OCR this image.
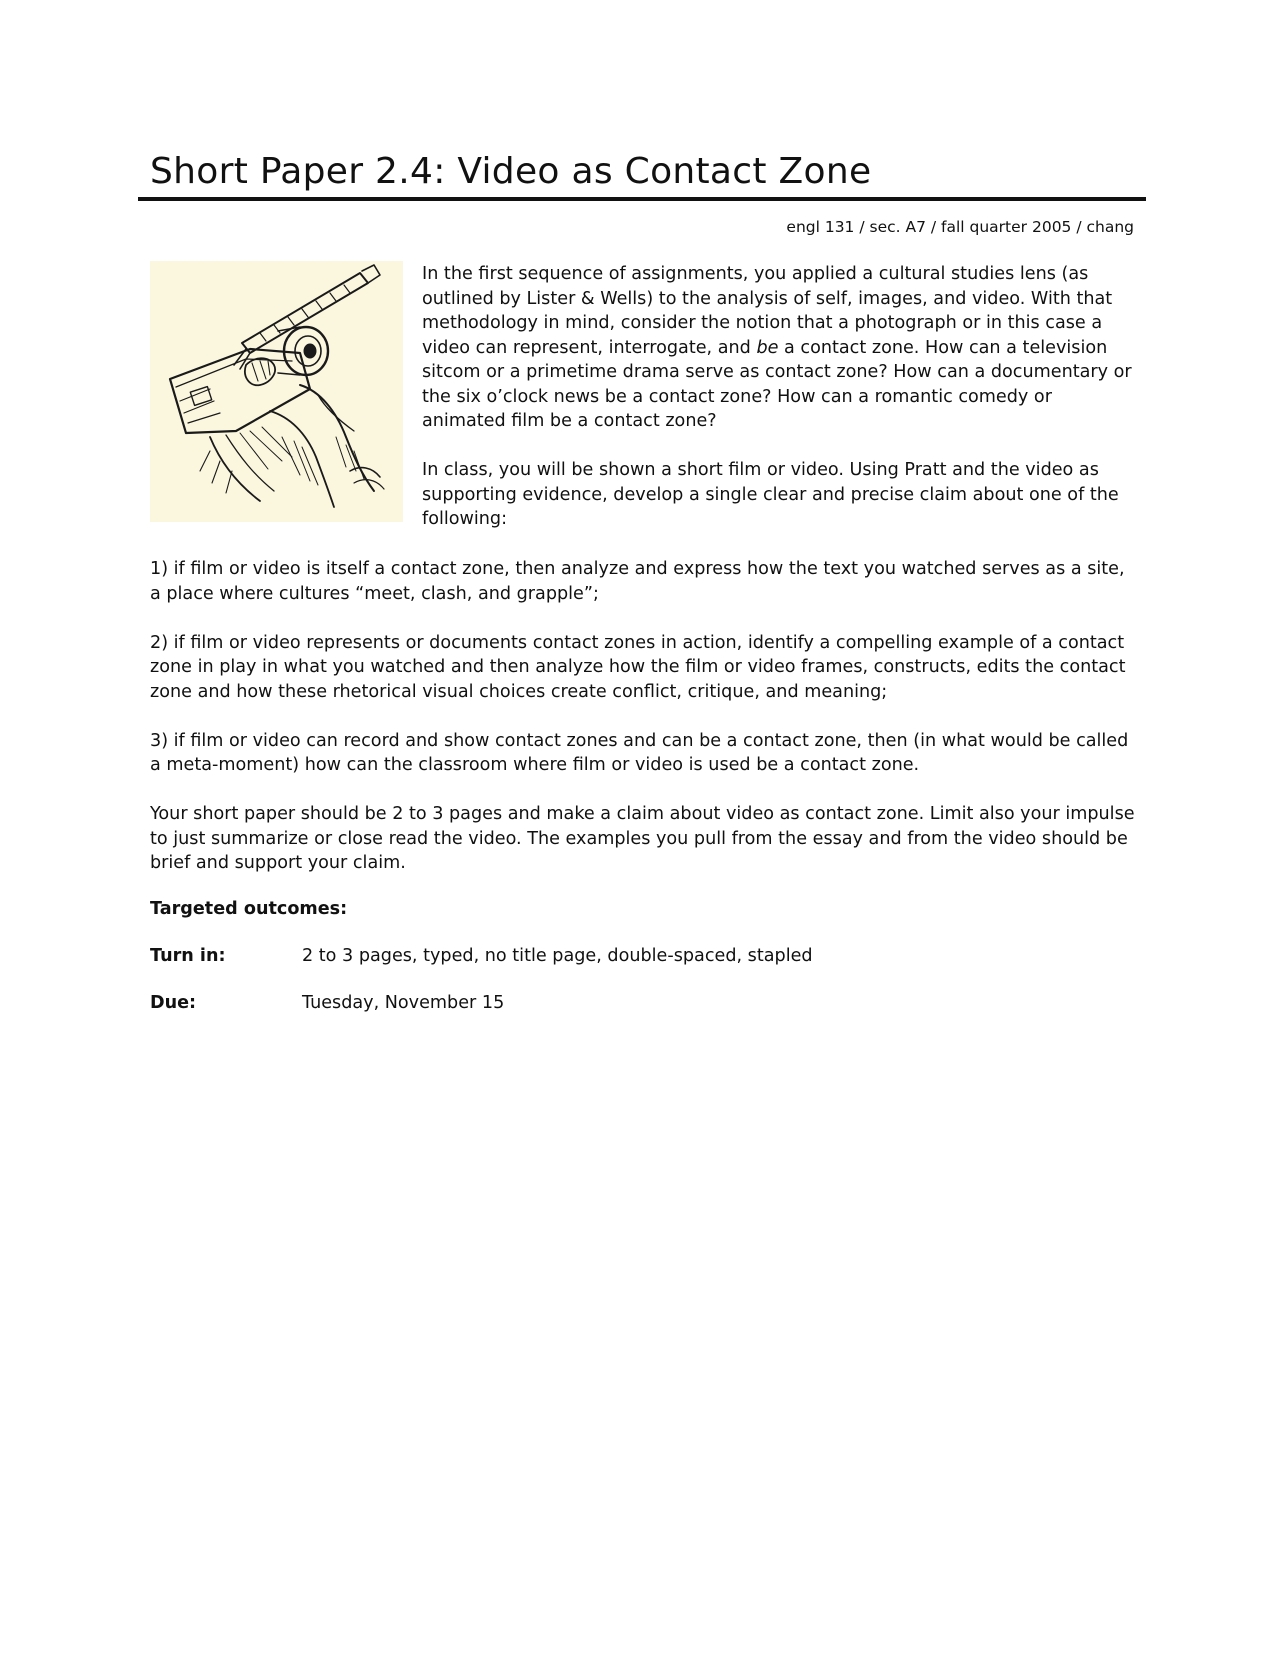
Short Paper 2.4: Video as Contact Zone
engl 131 / sec. A7 / fall quarter 2005 / chang

In the first sequence of assignments, you applied a cultural studies lens (as outlined by Lister & Wells) to the analysis of self, images, and video. With that methodology in mind, consider the notion that a photograph or in this case a video can represent, interrogate, and be a contact zone. How can a television sitcom or a primetime drama serve as contact zone? How can a documentary or the six o’clock news be a contact zone? How can a romantic comedy or animated film be a contact zone?

In class, you will be shown a short film or video. Using Pratt and the video as supporting evidence, develop a single clear and precise claim about one of the following:

1) if film or video is itself a contact zone, then analyze and express how the text you watched serves as a site, a place where cultures “meet, clash, and grapple”;

2) if film or video represents or documents contact zones in action, identify a compelling example of a contact zone in play in what you watched and then analyze how the film or video frames, constructs, edits the contact zone and how these rhetorical visual choices create conflict, critique, and meaning;

3) if film or video can record and show contact zones and can be a contact zone, then (in what would be called a meta-moment) how can the classroom where film or video is used be a contact zone.

Your short paper should be 2 to 3 pages and make a claim about video as contact zone. Limit also your impulse to just summarize or close read the video. The examples you pull from the essay and from the video should be brief and support your claim.

Targeted outcomes:
Turn in:	2 to 3 pages, typed, no title page, double-spaced, stapled
Due:	Tuesday, November 15
